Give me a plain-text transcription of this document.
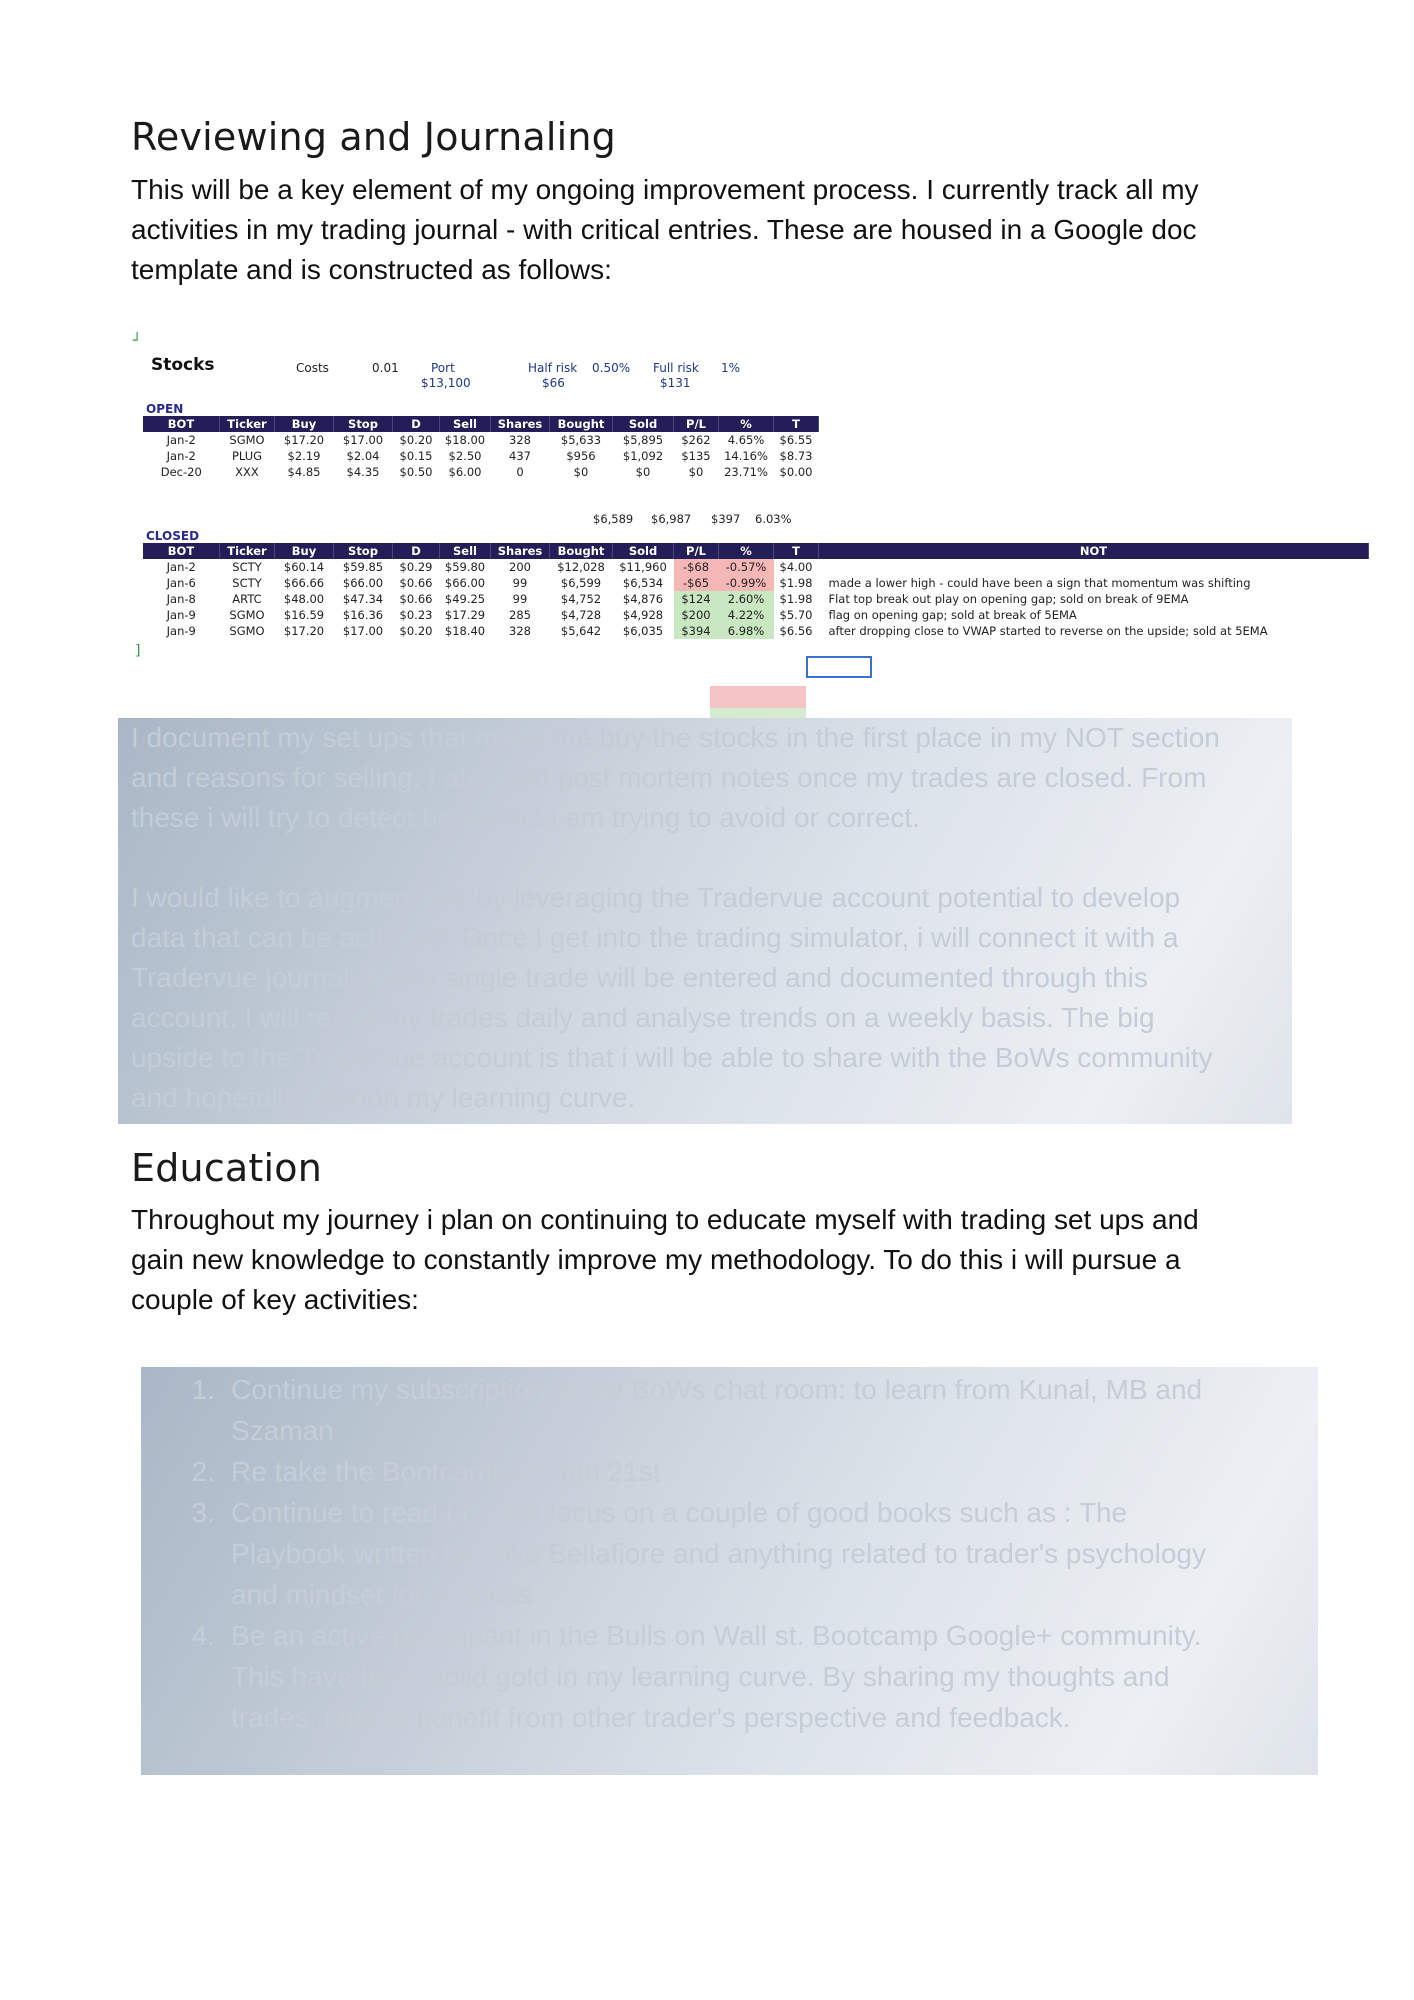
Reviewing and Journaling
This will be a key element of my ongoing improvement process. I currently track all my
activities in my trading journal - with critical entries. These are housed in a Google doc
template and is constructed as follows:
┘
Stocks	Costs	0.01	Port
$13,100
Half risk 0.50%
$66
Full risk 1%
$131
OPEN
BOT	Ticker	Buy	Stop	D	Sell	Shares	Bought	Sold	P/L	%	T
Jan-2	SGMO	$17.20	$17.00	$0.20	$18.00	328	$5,633	$5,895	$262	4.65%	$6.55
Jan-2	PLUG	$2.19	$2.04	$0.15	$2.50	437	$956	$1,092	$135	14.16%	$8.73
Dec-20	XXX	$4.85	$4.35	$0.50	$6.00	0	$0	$0	$0	23.71%	$0.00
$6,589 $6,987 $397 6.03%
CLOSED
BOT	Ticker	Buy	Stop	D	Sell	Shares	Bought	Sold	P/L	%	T	NOT
Jan-2	SCTY	$60.14	$59.85	$0.29	$59.80	200	$12,028	$11,960	-$68	-0.57%	$4.00	
Jan-6	SCTY	$66.66	$66.00	$0.66	$66.00	99	$6,599	$6,534	-$65	-0.99%	$1.98	made a lower high - could have been a sign that momentum was shifting
Jan-8	ARTC	$48.00	$47.34	$0.66	$49.25	99	$4,752	$4,876	$124	2.60%	$1.98	Flat top break out play on opening gap; sold on break of 9EMA
Jan-9	SGMO	$16.59	$16.36	$0.23	$17.29	285	$4,728	$4,928	$200	4.22%	$5.70	flag on opening gap; sold at break of 5EMA
Jan-9	SGMO	$17.20	$17.00	$0.20	$18.40	328	$5,642	$6,035	$394	6.98%	$6.56	after dropping close to VWAP started to reverse on the upside; sold at 5EMA
]
I document my set ups that made me buy the stocks in the first place in my NOT section
and reasons for selling. I also add post mortem notes once my trades are closed. From
these i will try to detect behaviors i am trying to avoid or correct.
I would like to augment this by leveraging the Tradervue account potential to develop
data that can be actioned. Once i get into the trading simulator, i will connect it with a
Tradervue journal. Every single trade will be entered and documented through this
account. I will recap my trades daily and analyse trends on a weekly basis. The big
upside to the Tradervue account is that i will be able to share with the BoWs community
and hopefully shorten my learning curve.
Education
Throughout my journey i plan on continuing to educate myself with trading set ups and
gain new knowledge to constantly improve my methodology. To do this i will pursue a
couple of key activities:
1. Continue my subscription to the BoWs chat room: to learn from Kunal, MB and
Szaman
2. Re take the Bootcamp on Jan 21st
3. Continue to read up - but focus on a couple of good books such as : The
Playbook written by Mike Bellafiore and anything related to trader's psychology
and mindset for success
4. Be an active participant in the Bulls on Wall st. Bootcamp Google+ community.
This have been solid gold in my learning curve. By sharing my thoughts and
trades, i get to benefit from other trader's perspective and feedback.
